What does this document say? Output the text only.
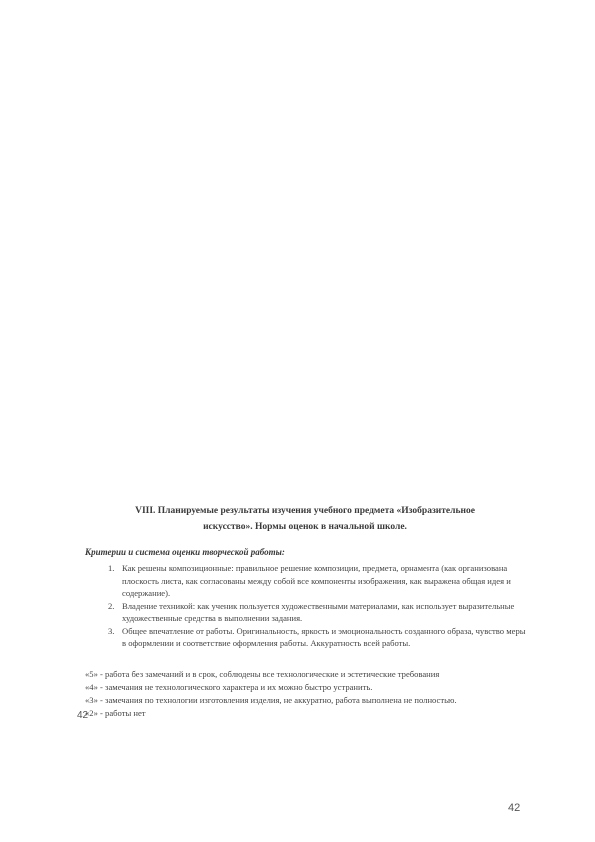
VIII. Планируемые результаты изучения учебного предмета «Изобразительное
искусство». Нормы оценок в начальной школе.
Критерии и система оценки творческой работы:
1. Как решены композиционные: правильное решение композиции, предмета, орнамента (как организована плоскость листа, как согласованы между собой все компоненты изображения, как выражена общая идея и содержание).
2. Владение техникой: как ученик пользуется художественными материалами, как использует выразительные художественные средства в выполнении задания.
3. Общее впечатление от работы. Оригинальность, яркость и эмоциональность созданного образа, чувство меры в оформлении и соответствие оформления работы. Аккуратность всей работы.

«5» - работа без замечаний и в срок, соблюдены все технологические и эстетические требования

«4» - замечания не технологического характера и их можно быстро устранить.

«3» - замечания по технологии изготовления изделия, не аккуратно, работа выполнена не полностью.

«2» - работы нет

42
42
